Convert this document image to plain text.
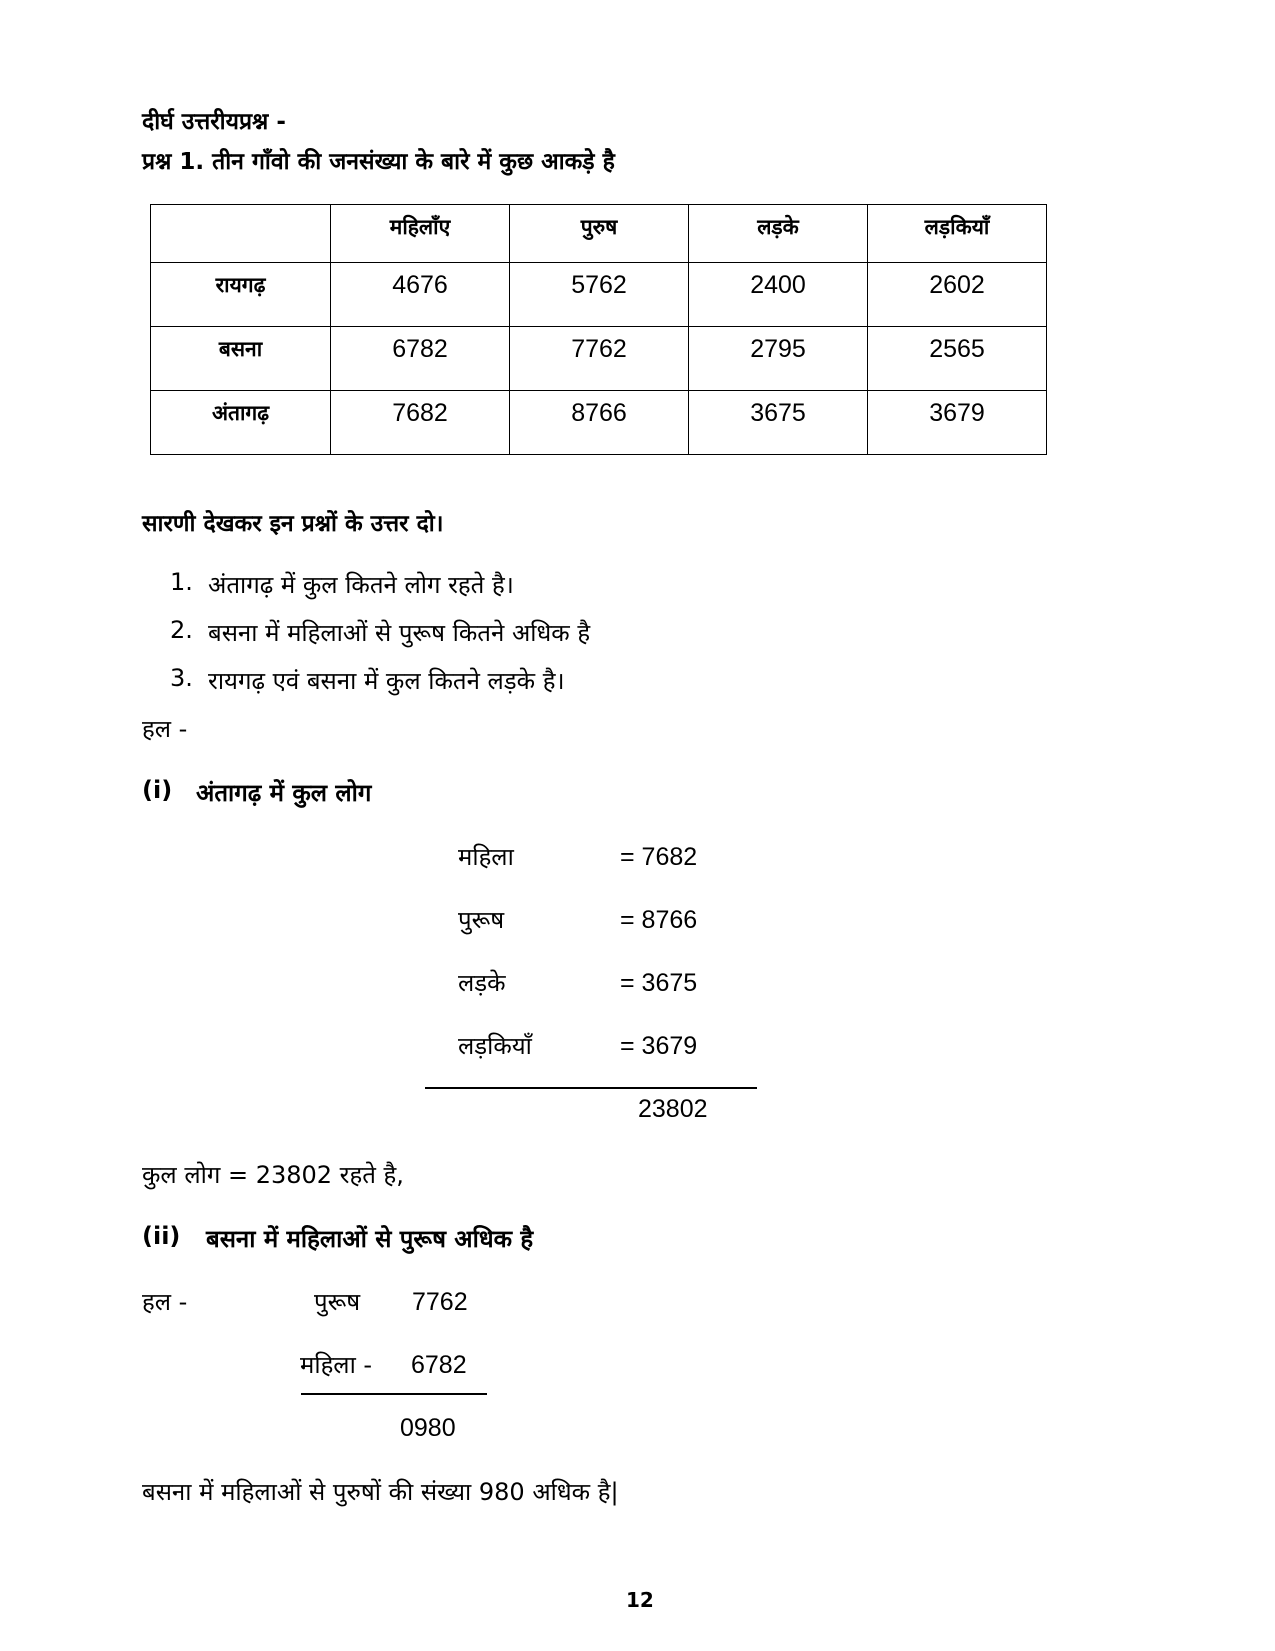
दीर्घ उत्तरीयप्रश्न -
प्रश्न 1. तीन गाँवो की जनसंख्या के बारे में कुछ आकड़े है
	महिलाँए	पुरुष	लड़के	लड़कियाँ
रायगढ़	4676	5762	2400	2602
बसना	6782	7762	2795	2565
अंतागढ़	7682	8766	3675	3679
सारणी देखकर इन प्रश्नों के उत्तर दो।
1. अंतागढ़ में कुल कितने लोग रहते है।
2. बसना में महिलाओं से पुरूष कितने अधिक है
3. रायगढ़ एवं बसना में कुल कितने लड़के है।
हल -
(i) अंतागढ़ में कुल लोग
महिला	= 7682
पुरूष	= 8766
लड़के	= 3675
लड़कियाँ	= 3679
23802
कुल लोग = 23802 रहते है,
(ii) बसना में महिलाओं से पुरूष अधिक है
हल -	पुरूष 7762
महिला - 6782
0980
बसना में महिलाओं से पुरुषों की संख्या 980 अधिक है|
12
